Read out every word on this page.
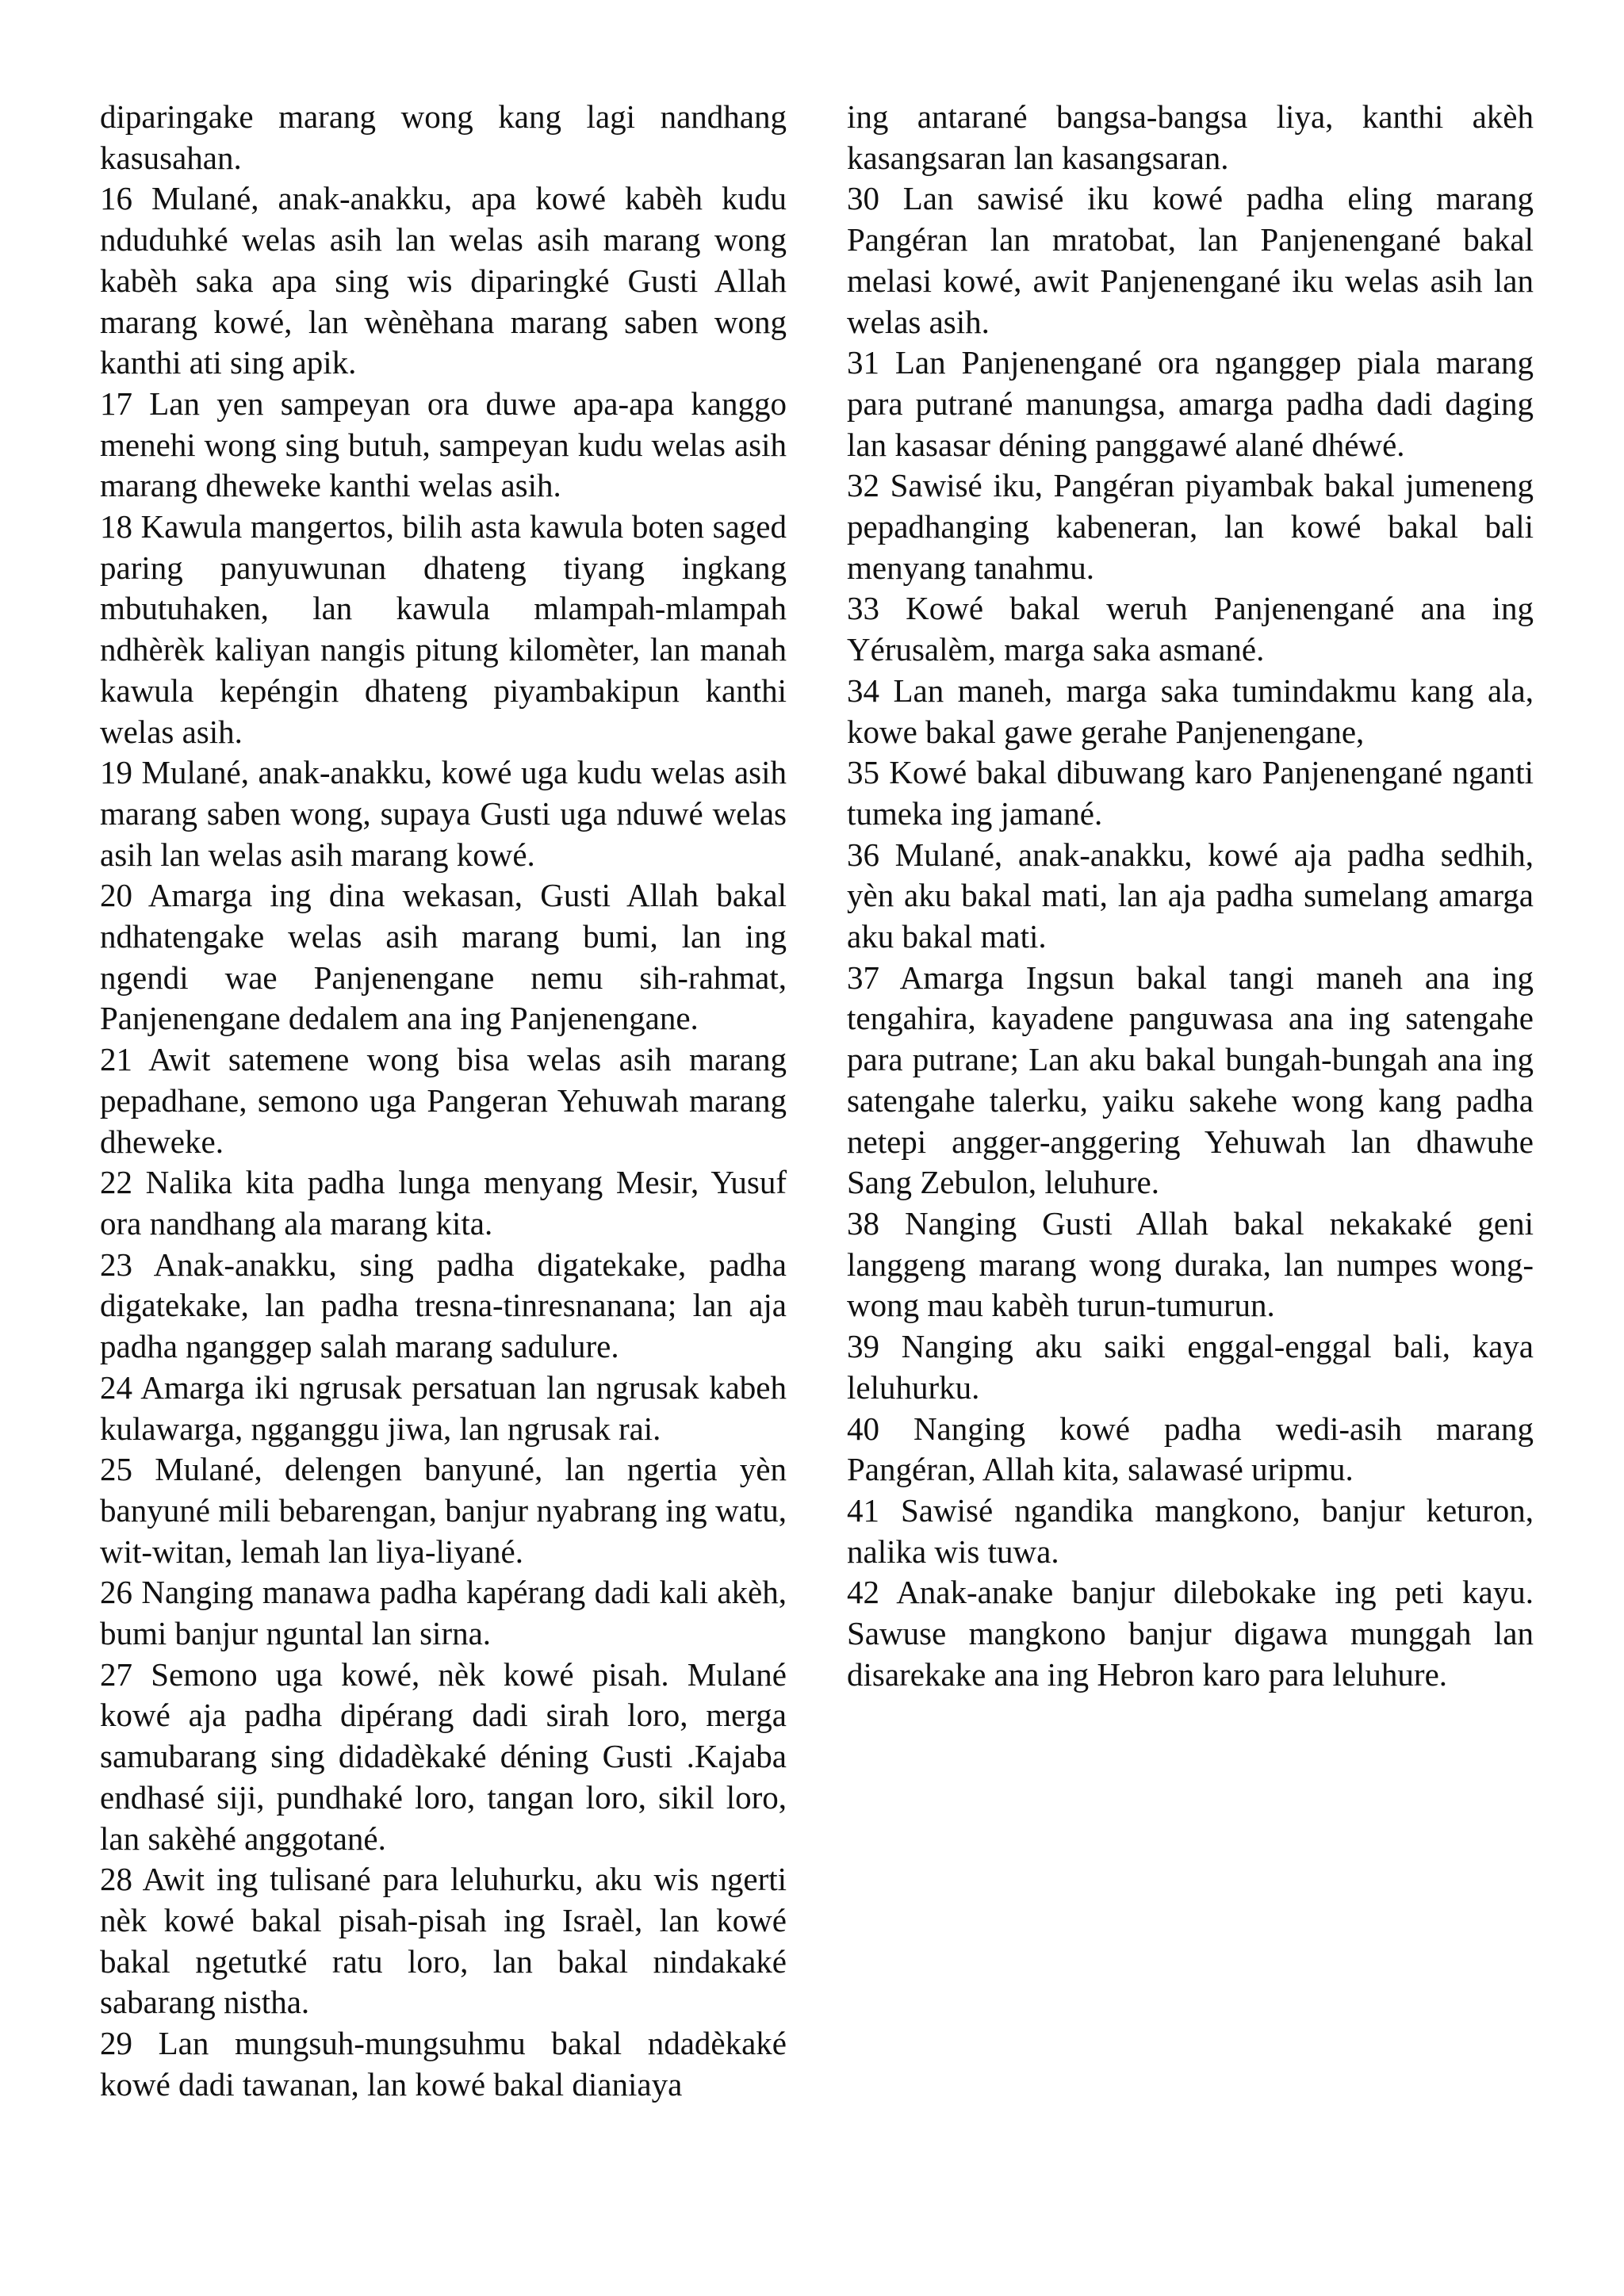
diparingake marang wong kang lagi nandhang kasusahan.

16 Mulané, anak-anakku, apa kowé kabèh kudu nduduhké welas asih lan welas asih marang wong kabèh saka apa sing wis diparingké Gusti Allah marang kowé, lan wènèhana marang saben wong kanthi ati sing apik.

17 Lan yen sampeyan ora duwe apa-apa kanggo menehi wong sing butuh, sampeyan kudu welas asih marang dheweke kanthi welas asih.

18 Kawula mangertos, bilih asta kawula boten saged paring panyuwunan dhateng tiyang ingkang mbutuhaken, lan kawula mlampah-mlampah ndhèrèk kaliyan nangis pitung kilomèter, lan manah kawula kepéngin dhateng piyambakipun kanthi welas asih.

19 Mulané, anak-anakku, kowé uga kudu welas asih marang saben wong, supaya Gusti uga nduwé welas asih lan welas asih marang kowé.

20 Amarga ing dina wekasan, Gusti Allah bakal ndhatengake welas asih marang bumi, lan ing ngendi wae Panjenengane nemu sih-rahmat, Panjenengane dedalem ana ing Panjenengane.

21 Awit satemene wong bisa welas asih marang pepadhane, semono uga Pangeran Yehuwah marang dheweke.

22 Nalika kita padha lunga menyang Mesir, Yusuf ora nandhang ala marang kita.

23 Anak-anakku, sing padha digatekake, padha digatekake, lan padha tresna-tinresnanana; lan aja padha nganggep salah marang sadulure.

24 Amarga iki ngrusak persatuan lan ngrusak kabeh kulawarga, ngganggu jiwa, lan ngrusak rai.

25 Mulané, delengen banyuné, lan ngertia yèn banyuné mili bebarengan, banjur nyabrang ing watu, wit-witan, lemah lan liya-liyané.

26 Nanging manawa padha kapérang dadi kali akèh, bumi banjur nguntal lan sirna.

27 Semono uga kowé, nèk kowé pisah. Mulané kowé aja padha dipérang dadi sirah loro, merga samubarang sing didadèkaké déning Gusti .Kajaba endhasé siji, pundhaké loro, tangan loro, sikil loro, lan sakèhé anggotané.

28 Awit ing tulisané para leluhurku, aku wis ngerti nèk kowé bakal pisah-pisah ing Israèl, lan kowé bakal ngetutké ratu loro, lan bakal nindakaké sabarang nistha.

29 Lan mungsuh-mungsuhmu bakal ndadèkaké kowé dadi tawanan, lan kowé bakal dianiaya

ing antarané bangsa-bangsa liya, kanthi akèh kasangsaran lan kasangsaran.

30 Lan sawisé iku kowé padha eling marang Pangéran lan mratobat, lan Panjenengané bakal melasi kowé, awit Panjenengané iku welas asih lan welas asih.

31 Lan Panjenengané ora nganggep piala marang para putrané manungsa, amarga padha dadi daging lan kasasar déning panggawé alané dhéwé.

32 Sawisé iku, Pangéran piyambak bakal jumeneng pepadhanging kabeneran, lan kowé bakal bali menyang tanahmu.

33 Kowé bakal weruh Panjenengané ana ing Yérusalèm, marga saka asmané.

34 Lan maneh, marga saka tumindakmu kang ala, kowe bakal gawe gerahe Panjenengane,

35 Kowé bakal dibuwang karo Panjenengané nganti tumeka ing jamané.

36 Mulané, anak-anakku, kowé aja padha sedhih, yèn aku bakal mati, lan aja padha sumelang amarga aku bakal mati.

37 Amarga Ingsun bakal tangi maneh ana ing tengahira, kayadene panguwasa ana ing satengahe para putrane; Lan aku bakal bungah-bungah ana ing satengahe talerku, yaiku sakehe wong kang padha netepi angger-anggering Yehuwah lan dhawuhe Sang Zebulon, leluhure.

38 Nanging Gusti Allah bakal nekakaké geni langgeng marang wong duraka, lan numpes wong-wong mau kabèh turun-tumurun.

39 Nanging aku saiki enggal-enggal bali, kaya leluhurku.

40 Nanging kowé padha wedi-asih marang Pangéran, Allah kita, salawasé uripmu.

41 Sawisé ngandika mangkono, banjur keturon, nalika wis tuwa.

42 Anak-anake banjur dilebokake ing peti kayu. Sawuse mangkono banjur digawa munggah lan disarekake ana ing Hebron karo para leluhure.
